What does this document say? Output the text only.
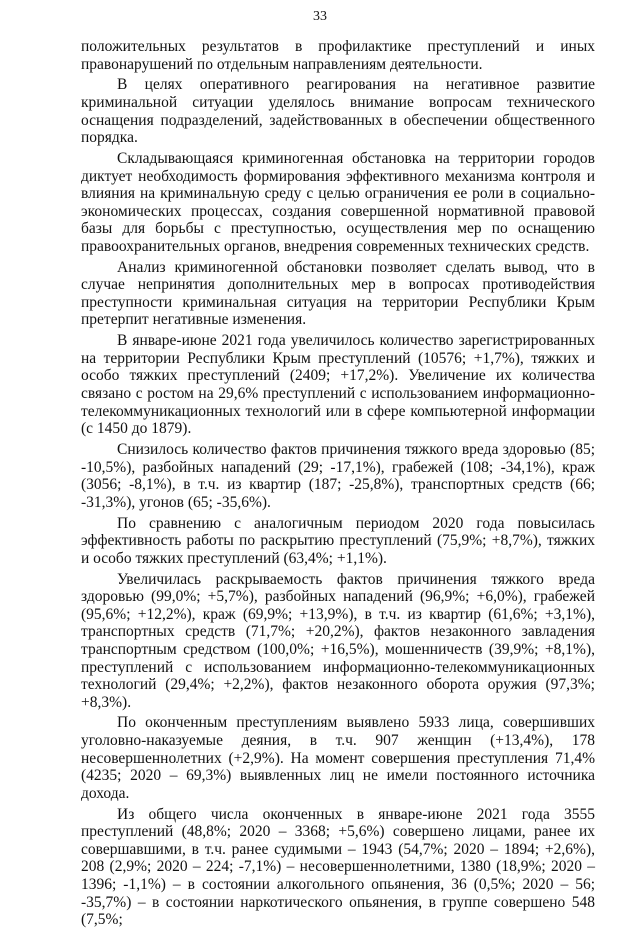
33

положительных результатов в профилактике преступлений и иных правонарушений по отдельным направлениям деятельности.

В целях оперативного реагирования на негативное развитие криминальной ситуации уделялось внимание вопросам технического оснащения подразделений, задействованных в обеспечении общественного порядка.

Складывающаяся криминогенная обстановка на территории городов диктует необходимость формирования эффективного механизма контроля и влияния на криминальную среду с целью ограничения ее роли в социально-экономических процессах, создания совершенной нормативной правовой базы для борьбы с преступностью, осуществления мер по оснащению правоохранительных органов, внедрения современных технических средств.

Анализ криминогенной обстановки позволяет сделать вывод, что в случае непринятия дополнительных мер в вопросах противодействия преступности криминальная ситуация на территории Республики Крым претерпит негативные изменения.

В январе-июне 2021 года увеличилось количество зарегистрированных на территории Республики Крым преступлений (10576; +1,7%), тяжких и особо тяжких преступлений (2409; +17,2%). Увеличение их количества связано с ростом на 29,6% преступлений с использованием информационно-телекоммуникационных технологий или в сфере компьютерной информации (с 1450 до 1879).

Снизилось количество фактов причинения тяжкого вреда здоровью (85; -10,5%), разбойных нападений (29; -17,1%), грабежей (108; -34,1%), краж (3056; -8,1%), в т.ч. из квартир (187; -25,8%), транспортных средств (66; -31,3%), угонов (65; -35,6%).

По сравнению с аналогичным периодом 2020 года повысилась эффективность работы по раскрытию преступлений (75,9%; +8,7%), тяжких и особо тяжких преступлений (63,4%; +1,1%).

Увеличилась раскрываемость фактов причинения тяжкого вреда здоровью (99,0%; +5,7%), разбойных нападений (96,9%; +6,0%), грабежей (95,6%; +12,2%), краж (69,9%; +13,9%), в т.ч. из квартир (61,6%; +3,1%), транспортных средств (71,7%; +20,2%), фактов незаконного завладения транспортным средством (100,0%; +16,5%), мошенничеств (39,9%; +8,1%), преступлений с использованием информационно-телекоммуникационных технологий (29,4%; +2,2%), фактов незаконного оборота оружия (97,3%; +8,3%).

По оконченным преступлениям выявлено 5933 лица, совершивших уголовно-наказуемые деяния, в т.ч. 907 женщин (+13,4%), 178 несовершеннолетних (+2,9%). На момент совершения преступления 71,4% (4235; 2020 – 69,3%) выявленных лиц не имели постоянного источника дохода.

Из общего числа оконченных в январе-июне 2021 года 3555 преступлений (48,8%; 2020 – 3368; +5,6%) совершено лицами, ранее их совершавшими, в т.ч. ранее судимыми – 1943 (54,7%; 2020 – 1894; +2,6%), 208 (2,9%; 2020 – 224; -7,1%) – несовершеннолетними, 1380 (18,9%; 2020 – 1396; -1,1%) – в состоянии алкогольного опьянения, 36 (0,5%; 2020 – 56; -35,7%) – в состоянии наркотического опьянения, в группе совершено 548 (7,5%;
